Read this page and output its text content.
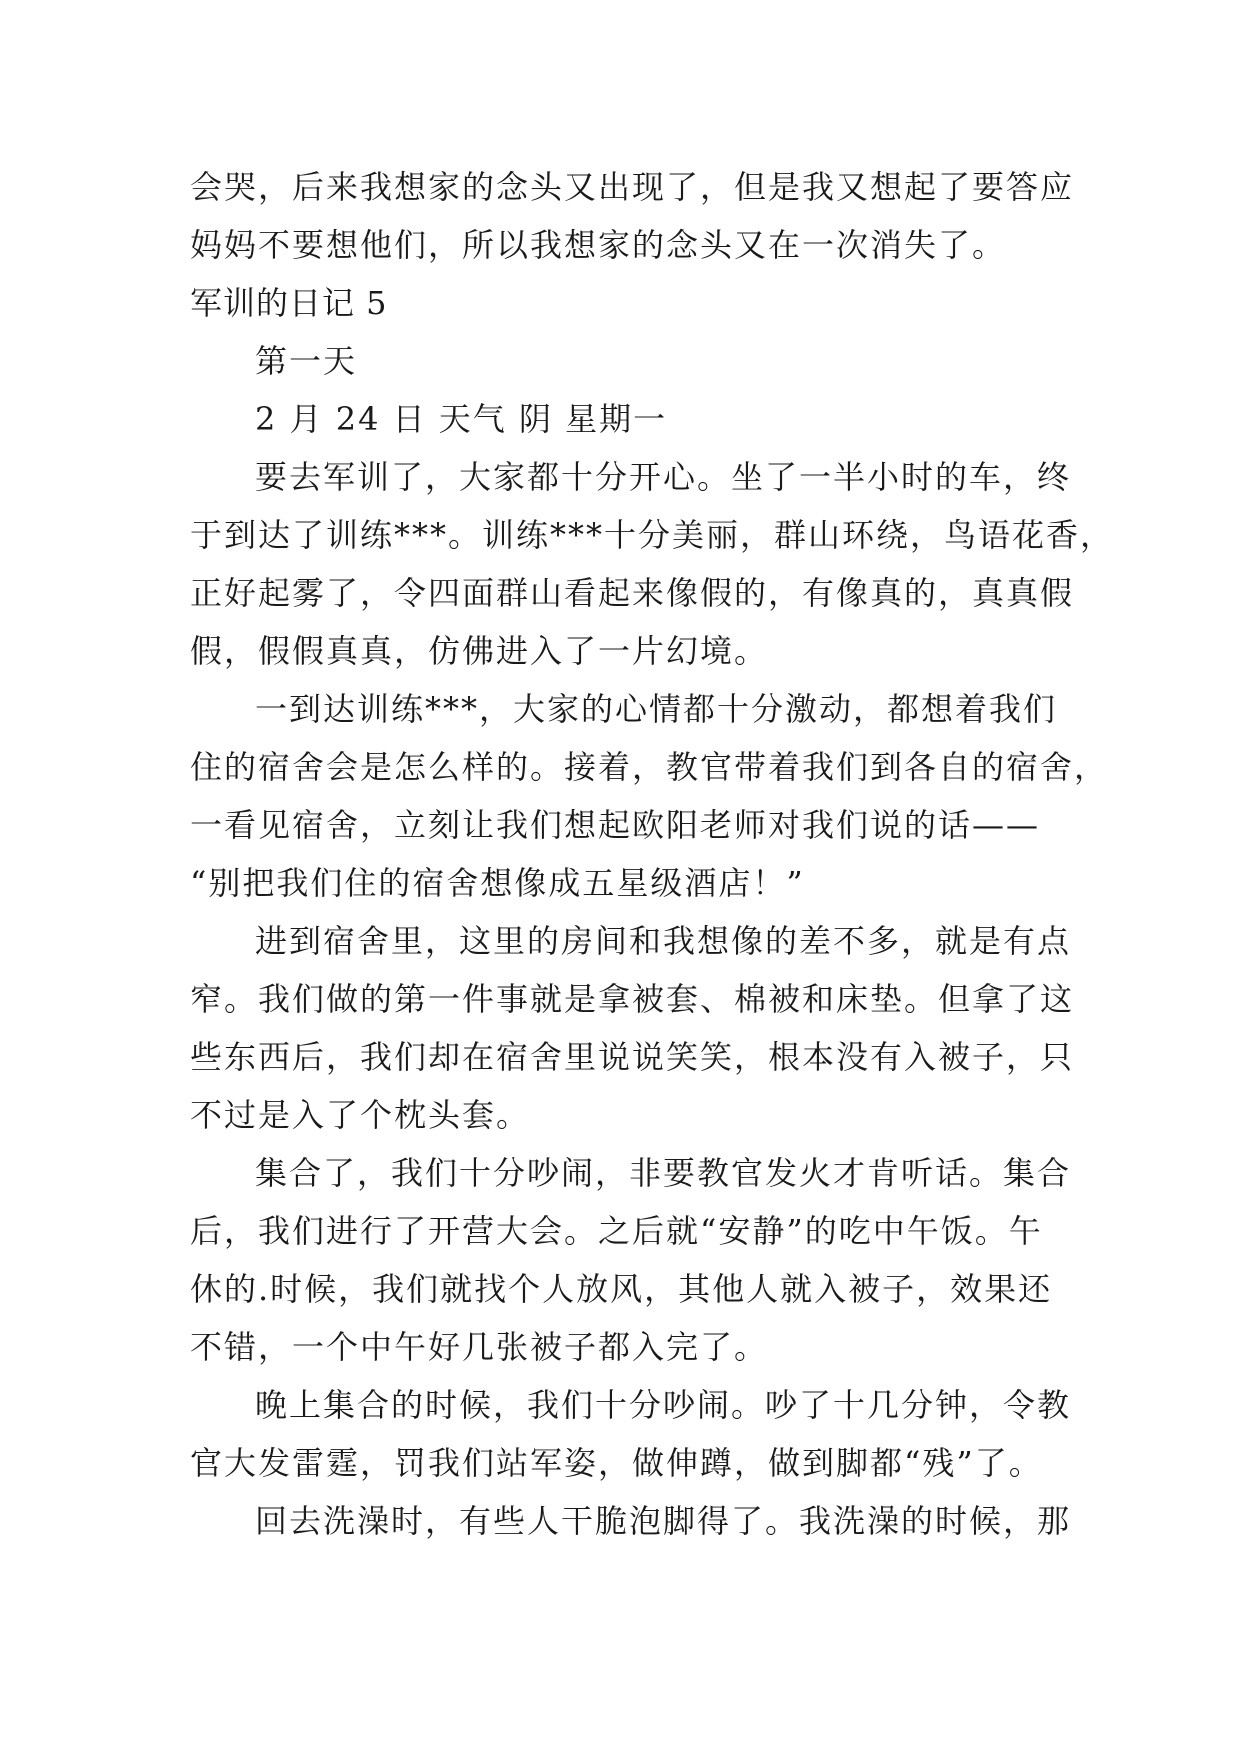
会哭，后来我想家的念头又出现了，但是我又想起了要答应
妈妈不要想他们，所以我想家的念头又在一次消失了。
军训的日记 5
第一天
2 月 24 日 天气 阴 星期一
要去军训了，大家都十分开心。坐了一半小时的车，终
于到达了训练***。训练***十分美丽，群山环绕，鸟语花香，
正好起雾了，令四面群山看起来像假的，有像真的，真真假
假，假假真真，仿佛进入了一片幻境。
一到达训练***，大家的心情都十分激动，都想着我们
住的宿舍会是怎么样的。接着，教官带着我们到各自的宿舍，
一看见宿舍，立刻让我们想起欧阳老师对我们说的话——
“别把我们住的宿舍想像成五星级酒店！”
进到宿舍里，这里的房间和我想像的差不多，就是有点
窄。我们做的第一件事就是拿被套、棉被和床垫。但拿了这
些东西后，我们却在宿舍里说说笑笑，根本没有入被子，只
不过是入了个枕头套。
集合了，我们十分吵闹，非要教官发火才肯听话。集合
后，我们进行了开营大会。之后就“安静”的吃中午饭。午
休的.时候，我们就找个人放风，其他人就入被子，效果还
不错，一个中午好几张被子都入完了。
晚上集合的时候，我们十分吵闹。吵了十几分钟，令教
官大发雷霆，罚我们站军姿，做伸蹲，做到脚都“残”了。
回去洗澡时，有些人干脆泡脚得了。我洗澡的时候，那
